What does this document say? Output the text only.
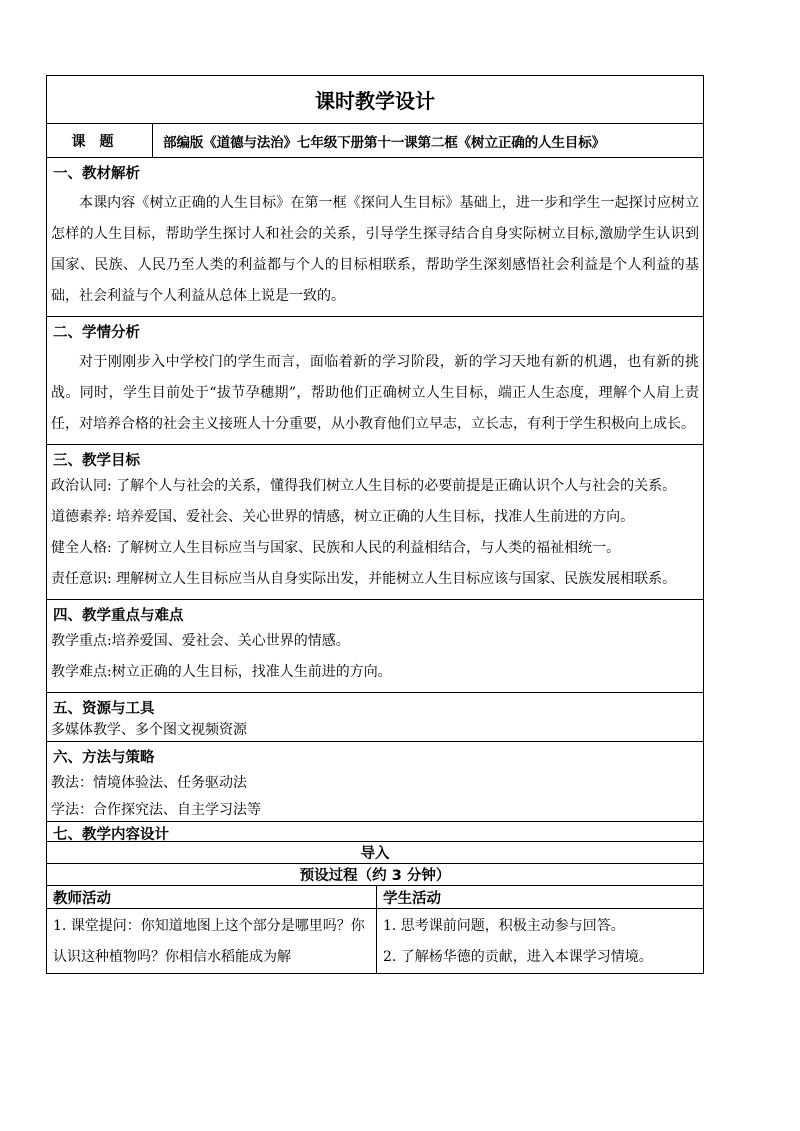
课时教学设计		
课题	部编版《道德与法治》七年级下册第十一课第二框《树立正确的人生目标》	

一、教材解析
本课内容《树立正确的人生目标》在第一框《探问人生目标》基础上，进一步和学生一起探讨应树立怎样的人生目标，帮助学生探讨人和社会的关系，引导学生探寻结合自身实际树立目标,激励学生认识到国家、民族、人民乃至人类的利益都与个人的目标相联系，帮助学生深刻感悟社会利益是个人利益的基础，社会利益与个人利益从总体上说是一致的。		

二、学情分析
对于刚刚步入中学校门的学生而言，面临着新的学习阶段，新的学习天地有新的机遇，也有新的挑战。同时，学生目前处于“拔节孕穗期”，帮助他们正确树立人生目标，端正人生态度，理解个人肩上责任，对培养合格的社会主义接班人十分重要，从小教育他们立早志，立长志，有利于学生积极向上成长。		

三、教学目标
政治认同: 了解个人与社会的关系，懂得我们树立人生目标的必要前提是正确认识个人与社会的关系。
道德素养: 培养爱国、爱社会、关心世界的情感，树立正确的人生目标，找准人生前进的方向。
健全人格: 了解树立人生目标应当与国家、民族和人民的利益相结合，与人类的福祉相统一。
责任意识: 理解树立人生目标应当从自身实际出发，并能树立人生目标应该与国家、民族发展相联系。		

四、教学重点与难点
教学重点:培养爱国、爱社会、关心世界的情感。
教学难点:树立正确的人生目标，找准人生前进的方向。		

五、资源与工具
多媒体教学、多个图文视频资源		

六、方法与策略
教法：情境体验法、任务驱动法
学法：合作探究法、自主学习法等		

七、教学内容设计		

导入		
预设过程（约 3 分钟）		
教师活动		学生活动

1. 课堂提问：你知道地图上这个部分是哪里吗？你认识这种植物吗？你相信水稻能成为解		1. 思考课前问题，积极主动参与回答。
2. 了解杨华德的贡献，进入本课学习情境。
